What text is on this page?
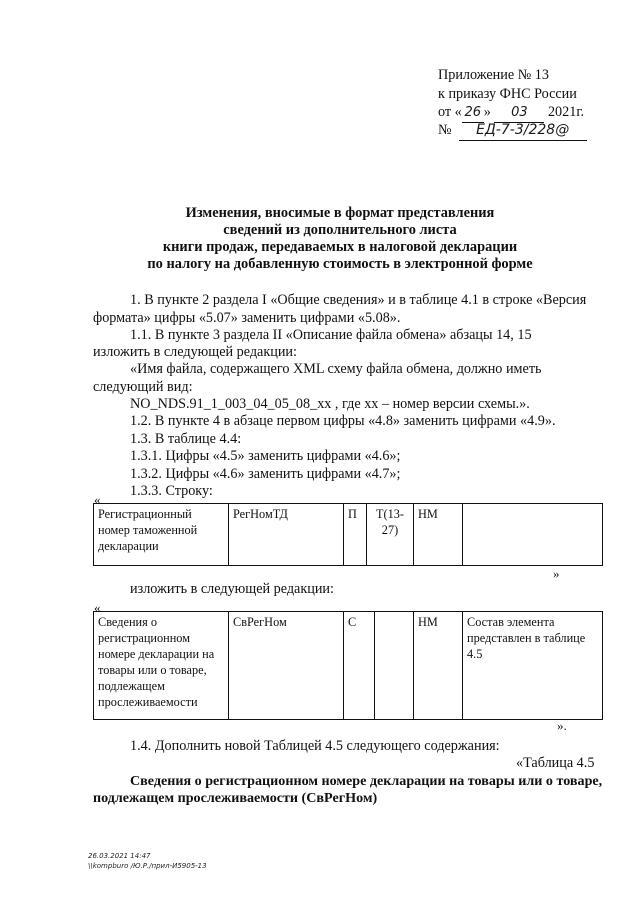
Приложение № 13
к приказу ФНС России
от « 26 » 03 2021г.
№ ЕД-7-3/228@
Изменения, вносимые в формат представления
сведений из дополнительного листа
книги продаж, передаваемых в налоговой декларации
по налогу на добавленную стоимость в электронной форме
1. В пункте 2 раздела I «Общие сведения» и в таблице 4.1 в строке «Версия
формата» цифры «5.07» заменить цифрами «5.08».
1.1. В пункте 3 раздела II «Описание файла обмена» абзацы 14, 15
изложить в следующей редакции:
«Имя файла, содержащего XML схему файла обмена, должно иметь
следующий вид:
NO_NDS.91_1_003_04_05_08_xx , где хх – номер версии схемы.».
1.2. В пункте 4 в абзаце первом цифры «4.8» заменить цифрами «4.9».
1.3. В таблице 4.4:
1.3.1. Цифры «4.5» заменить цифрами «4.6»;
1.3.2. Цифры «4.6» заменить цифрами «4.7»;
1.3.3. Строку:
«
Регистрационный
номер таможенной
декларации
	РегНомТД	П	Т(13-
27)
	НМ	
»
изложить в следующей редакции:
«
Сведения о
регистрационном
номере декларации на
товары или о товаре,
подлежащем
прослеживаемости
	СвРегНом	С		НМ	Состав элемента
представлен в таблице
4.5
».
1.4. Дополнить новой Таблицей 4.5 следующего содержания:
«Таблица 4.5
Сведения о регистрационном номере декларации на товары или о товаре,
подлежащем прослеживаемости (СвРегНом)
26.03.2021 14:47
\\kompburo /Ю.Р./прил-И5905-13
